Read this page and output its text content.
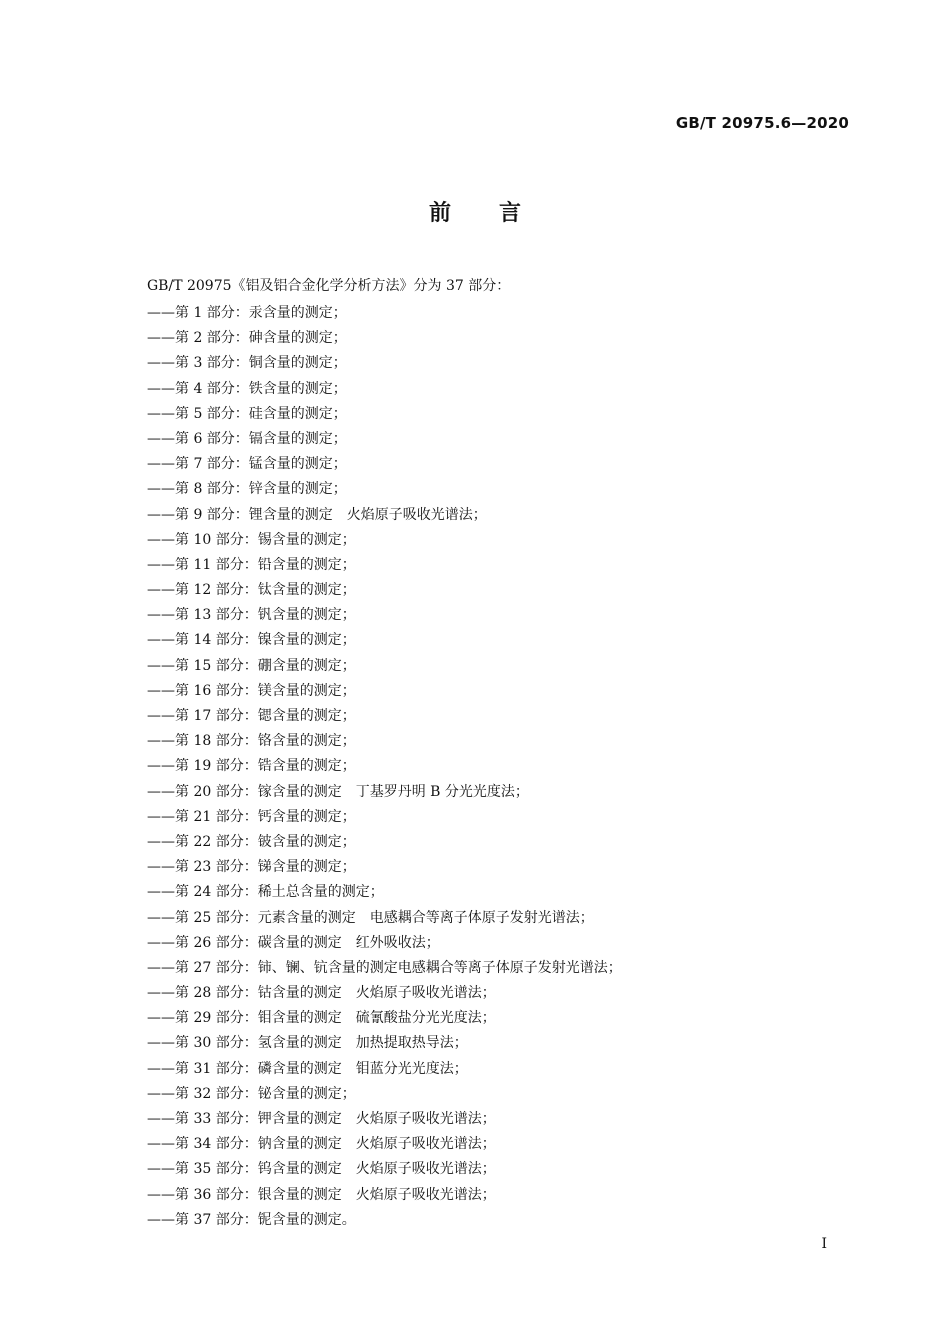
GB/T 20975.6—2020

前言

GB/T 20975《铝及铝合金化学分析方法》分为 37 部分：

——第 1 部分：汞含量的测定；
——第 2 部分：砷含量的测定；
——第 3 部分：铜含量的测定；
——第 4 部分：铁含量的测定；
——第 5 部分：硅含量的测定；
——第 6 部分：镉含量的测定；
——第 7 部分：锰含量的测定；
——第 8 部分：锌含量的测定；
——第 9 部分：锂含量的测定　火焰原子吸收光谱法；
——第 10 部分：锡含量的测定；
——第 11 部分：铅含量的测定；
——第 12 部分：钛含量的测定；
——第 13 部分：钒含量的测定；
——第 14 部分：镍含量的测定；
——第 15 部分：硼含量的测定；
——第 16 部分：镁含量的测定；
——第 17 部分：锶含量的测定；
——第 18 部分：铬含量的测定；
——第 19 部分：锆含量的测定；
——第 20 部分：镓含量的测定　丁基罗丹明 B 分光光度法；
——第 21 部分：钙含量的测定；
——第 22 部分：铍含量的测定；
——第 23 部分：锑含量的测定；
——第 24 部分：稀土总含量的测定；
——第 25 部分：元素含量的测定　电感耦合等离子体原子发射光谱法；
——第 26 部分：碳含量的测定　红外吸收法；
——第 27 部分：铈、镧、钪含量的测定电感耦合等离子体原子发射光谱法；
——第 28 部分：钴含量的测定　火焰原子吸收光谱法；
——第 29 部分：钼含量的测定　硫氰酸盐分光光度法；
——第 30 部分：氢含量的测定　加热提取热导法；
——第 31 部分：磷含量的测定　钼蓝分光光度法；
——第 32 部分：铋含量的测定；
——第 33 部分：钾含量的测定　火焰原子吸收光谱法；
——第 34 部分：钠含量的测定　火焰原子吸收光谱法；
——第 35 部分：钨含量的测定　火焰原子吸收光谱法；
——第 36 部分：银含量的测定　火焰原子吸收光谱法；
——第 37 部分：铌含量的测定。

I
